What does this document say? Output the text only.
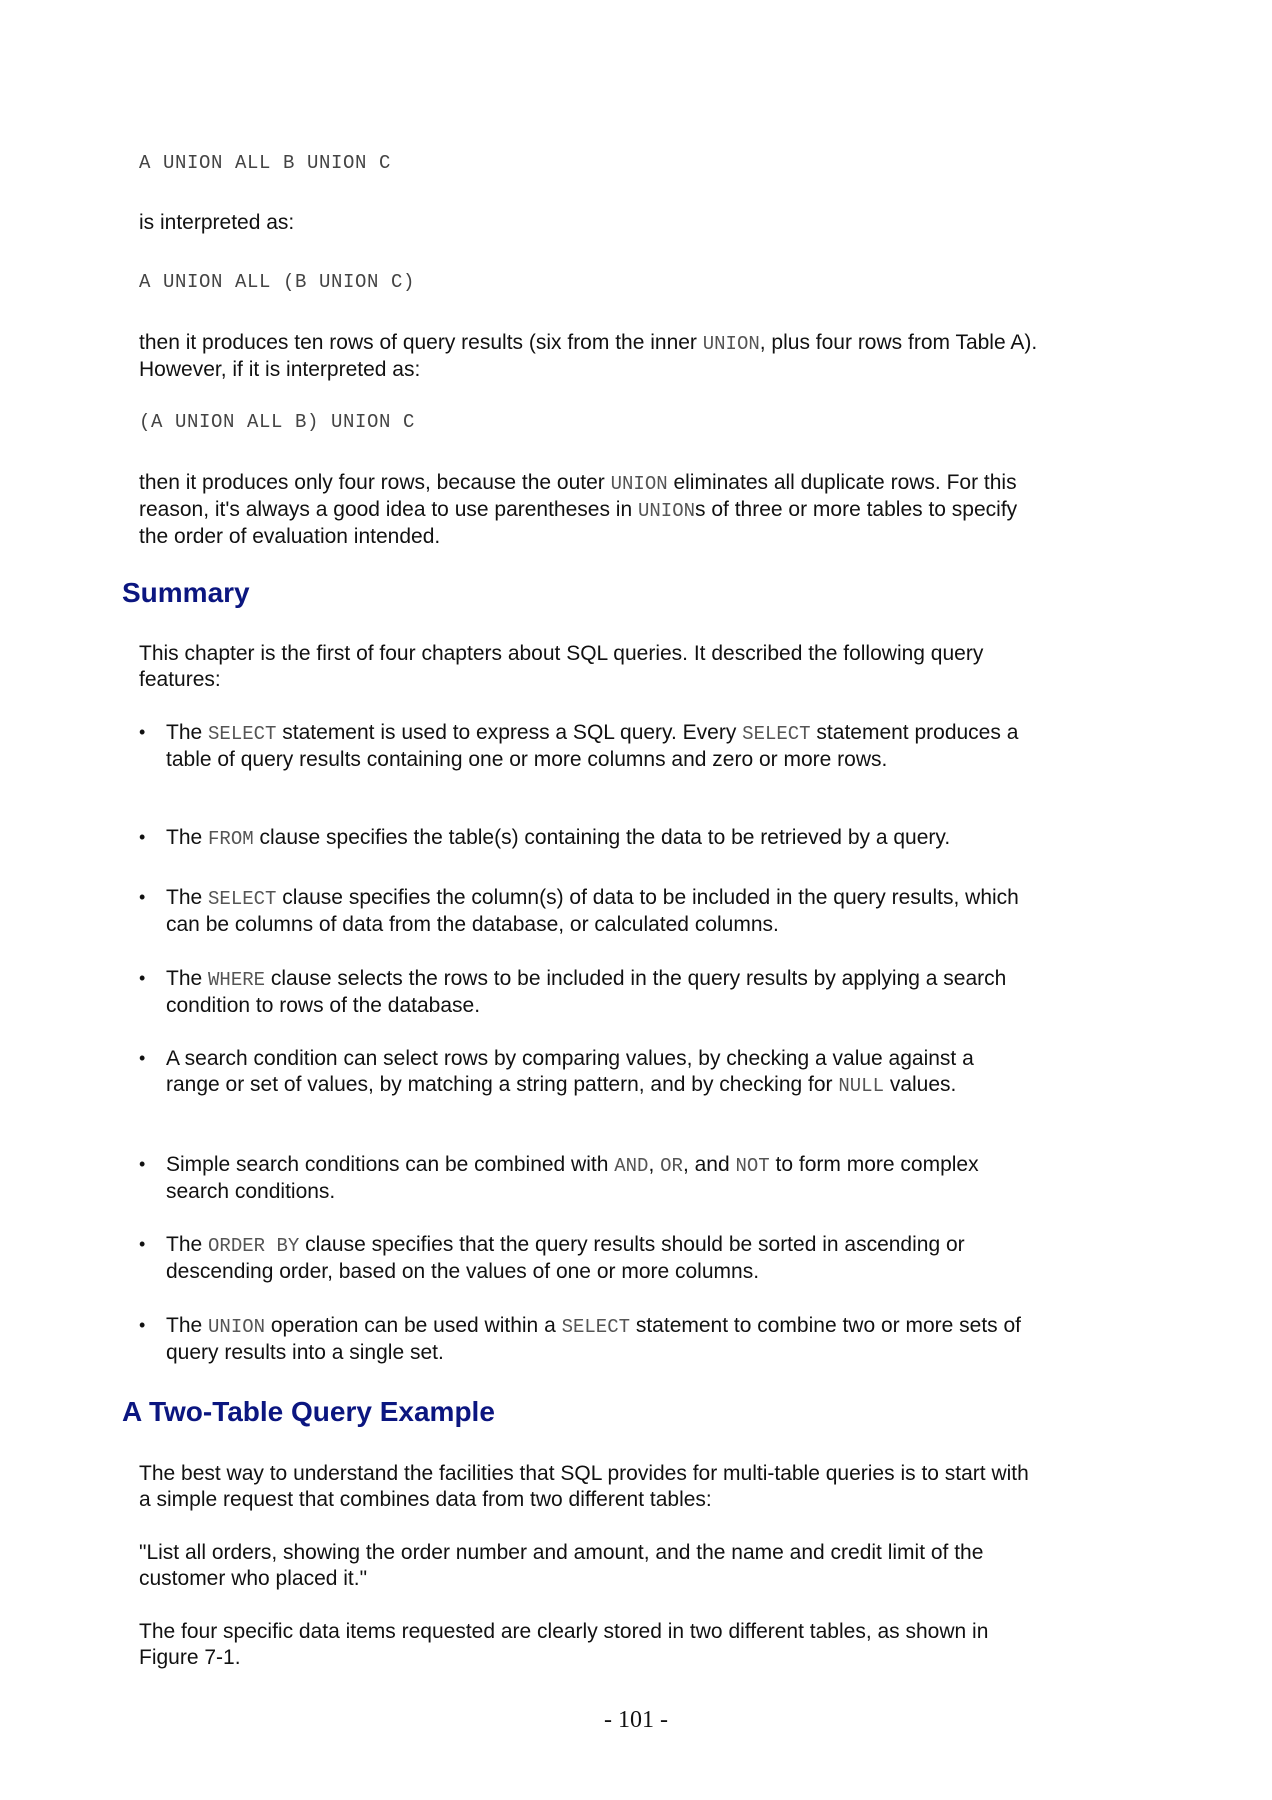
A UNION ALL B UNION C
is interpreted as:
A UNION ALL (B UNION C)
then it produces ten rows of query results (six from the inner UNION, plus four rows from Table A). However, if it is interpreted as:
(A UNION ALL B) UNION C
then it produces only four rows, because the outer UNION eliminates all duplicate rows. For this reason, it's always a good idea to use parentheses in UNIONs of three or more tables to specify the order of evaluation intended.
Summary
This chapter is the first of four chapters about SQL queries. It described the following query features:
• The SELECT statement is used to express a SQL query. Every SELECT statement produces a table of query results containing one or more columns and zero or more rows.
• The FROM clause specifies the table(s) containing the data to be retrieved by a query.
• The SELECT clause specifies the column(s) of data to be included in the query results, which can be columns of data from the database, or calculated columns.
• The WHERE clause selects the rows to be included in the query results by applying a search condition to rows of the database.
• A search condition can select rows by comparing values, by checking a value against a range or set of values, by matching a string pattern, and by checking for NULL values.
• Simple search conditions can be combined with AND, OR, and NOT to form more complex search conditions.
• The ORDER BY clause specifies that the query results should be sorted in ascending or descending order, based on the values of one or more columns.
• The UNION operation can be used within a SELECT statement to combine two or more sets of query results into a single set.
A Two-Table Query Example
The best way to understand the facilities that SQL provides for multi-table queries is to start with a simple request that combines data from two different tables:
"List all orders, showing the order number and amount, and the name and credit limit of the customer who placed it."
The four specific data items requested are clearly stored in two different tables, as shown in Figure 7-1.
- 101 -
